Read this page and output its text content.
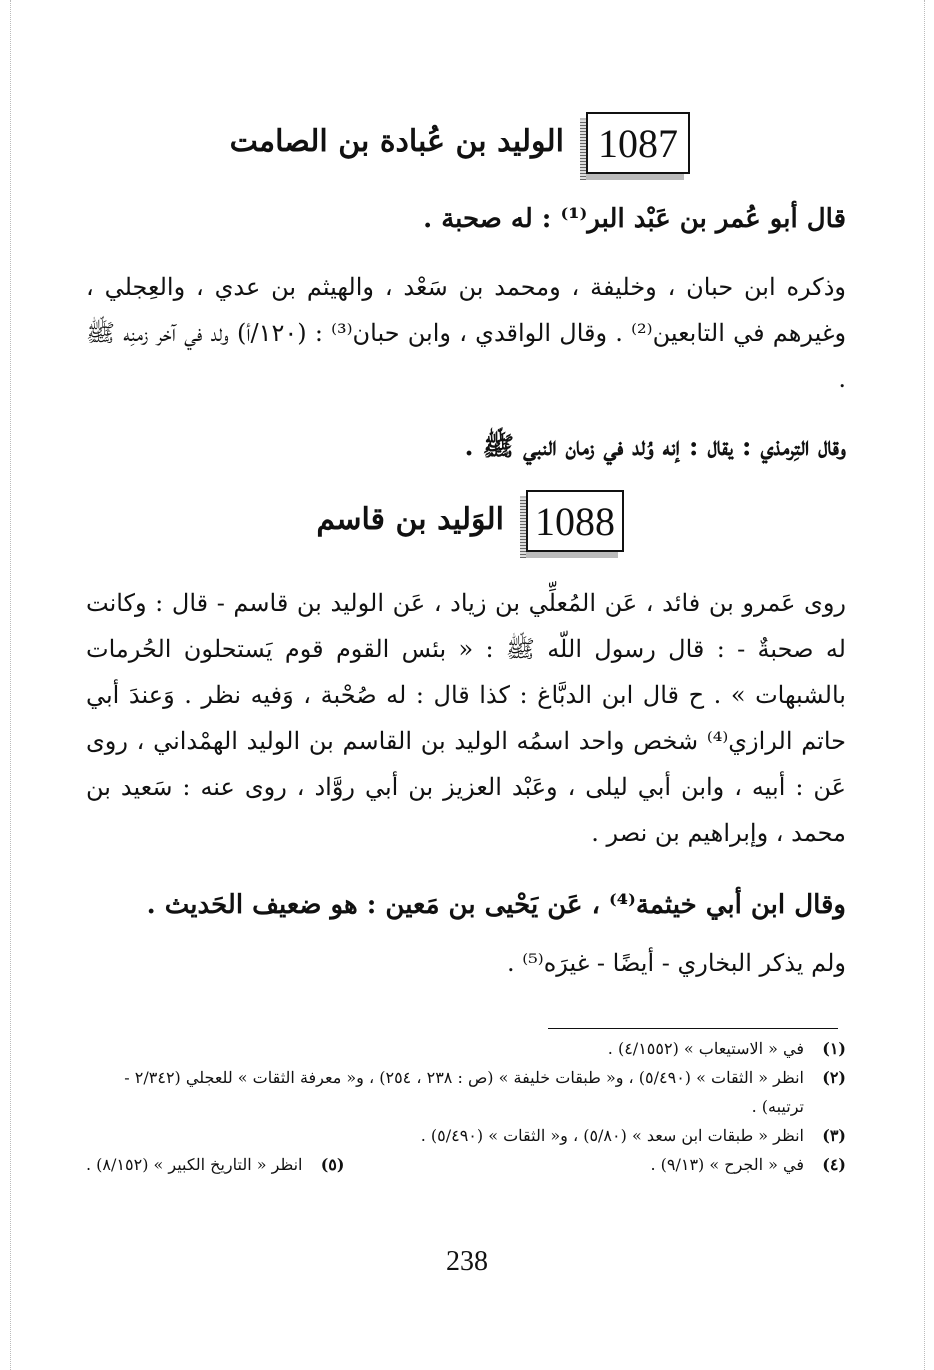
1087
الوليد بن عُبادة بن الصامت
قال أبو عُمر بن عَبْد البر⁽¹⁾ : له صحبة .
وذكره ابن حبان ، وخليفة ، ومحمد بن سَعْد ، والهيثم بن عدي ، والعِجلي ، وغيرهم في التابعين⁽²⁾ . وقال الواقدي ، وابن حبان⁽³⁾ : (١٢٠/أ) ولد في آخر زمنِه ﷺ .
وقال التِرمذي : يقال : إنه وُلد في زمان النبي ﷺ .
1088
الوَليد بن قاسم
روى عَمرو بن فائد ، عَن المُعلِّي بن زياد ، عَن الوليد بن قاسم - قال : وكانت له صحبةٌ - : قال رسول اللّه ﷺ : « بئس القوم قوم يَستحلون الحُرمات بالشبهات » . ح قال ابن الدبَّاغ : كذا قال : له صُحْبة ، وَفيه نظر . وَعندَ أبي حاتم الرازي⁽⁴⁾ شخص واحد اسمُه الوليد بن القاسم بن الوليد الهمْداني ، روى عَن : أبيه ، وابن أبي ليلى ، وعَبْد العزيز بن أبي روَّاد ، روى عنه : سَعيد بن محمد ، وإبراهيم بن نصر .
وقال ابن أبي خيثمة⁽⁴⁾ ، عَن يَحْيى بن مَعين : هو ضعيف الحَديث .
ولم يذكر البخاري - أيضًا - غيرَه⁽⁵⁾ .
(١)
في « الاستيعاب » (٤/١٥٥٢) .
(٢)
انظر « الثقات » (٥/٤٩٠) ، و« طبقات خليفة » (ص : ٢٣٨ ، ٢٥٤) ، و« معرفة الثقات » للعجلي (٢/٣٤٢ - ترتيبه) .
(٣)
انظر « طبقات ابن سعد » (٥/٨٠) ، و« الثقات » (٥/٤٩٠) .
(٤)
في « الجرح » (٩/١٣) .
(٥)
انظر « التاريخ الكبير » (٨/١٥٢) .
238
